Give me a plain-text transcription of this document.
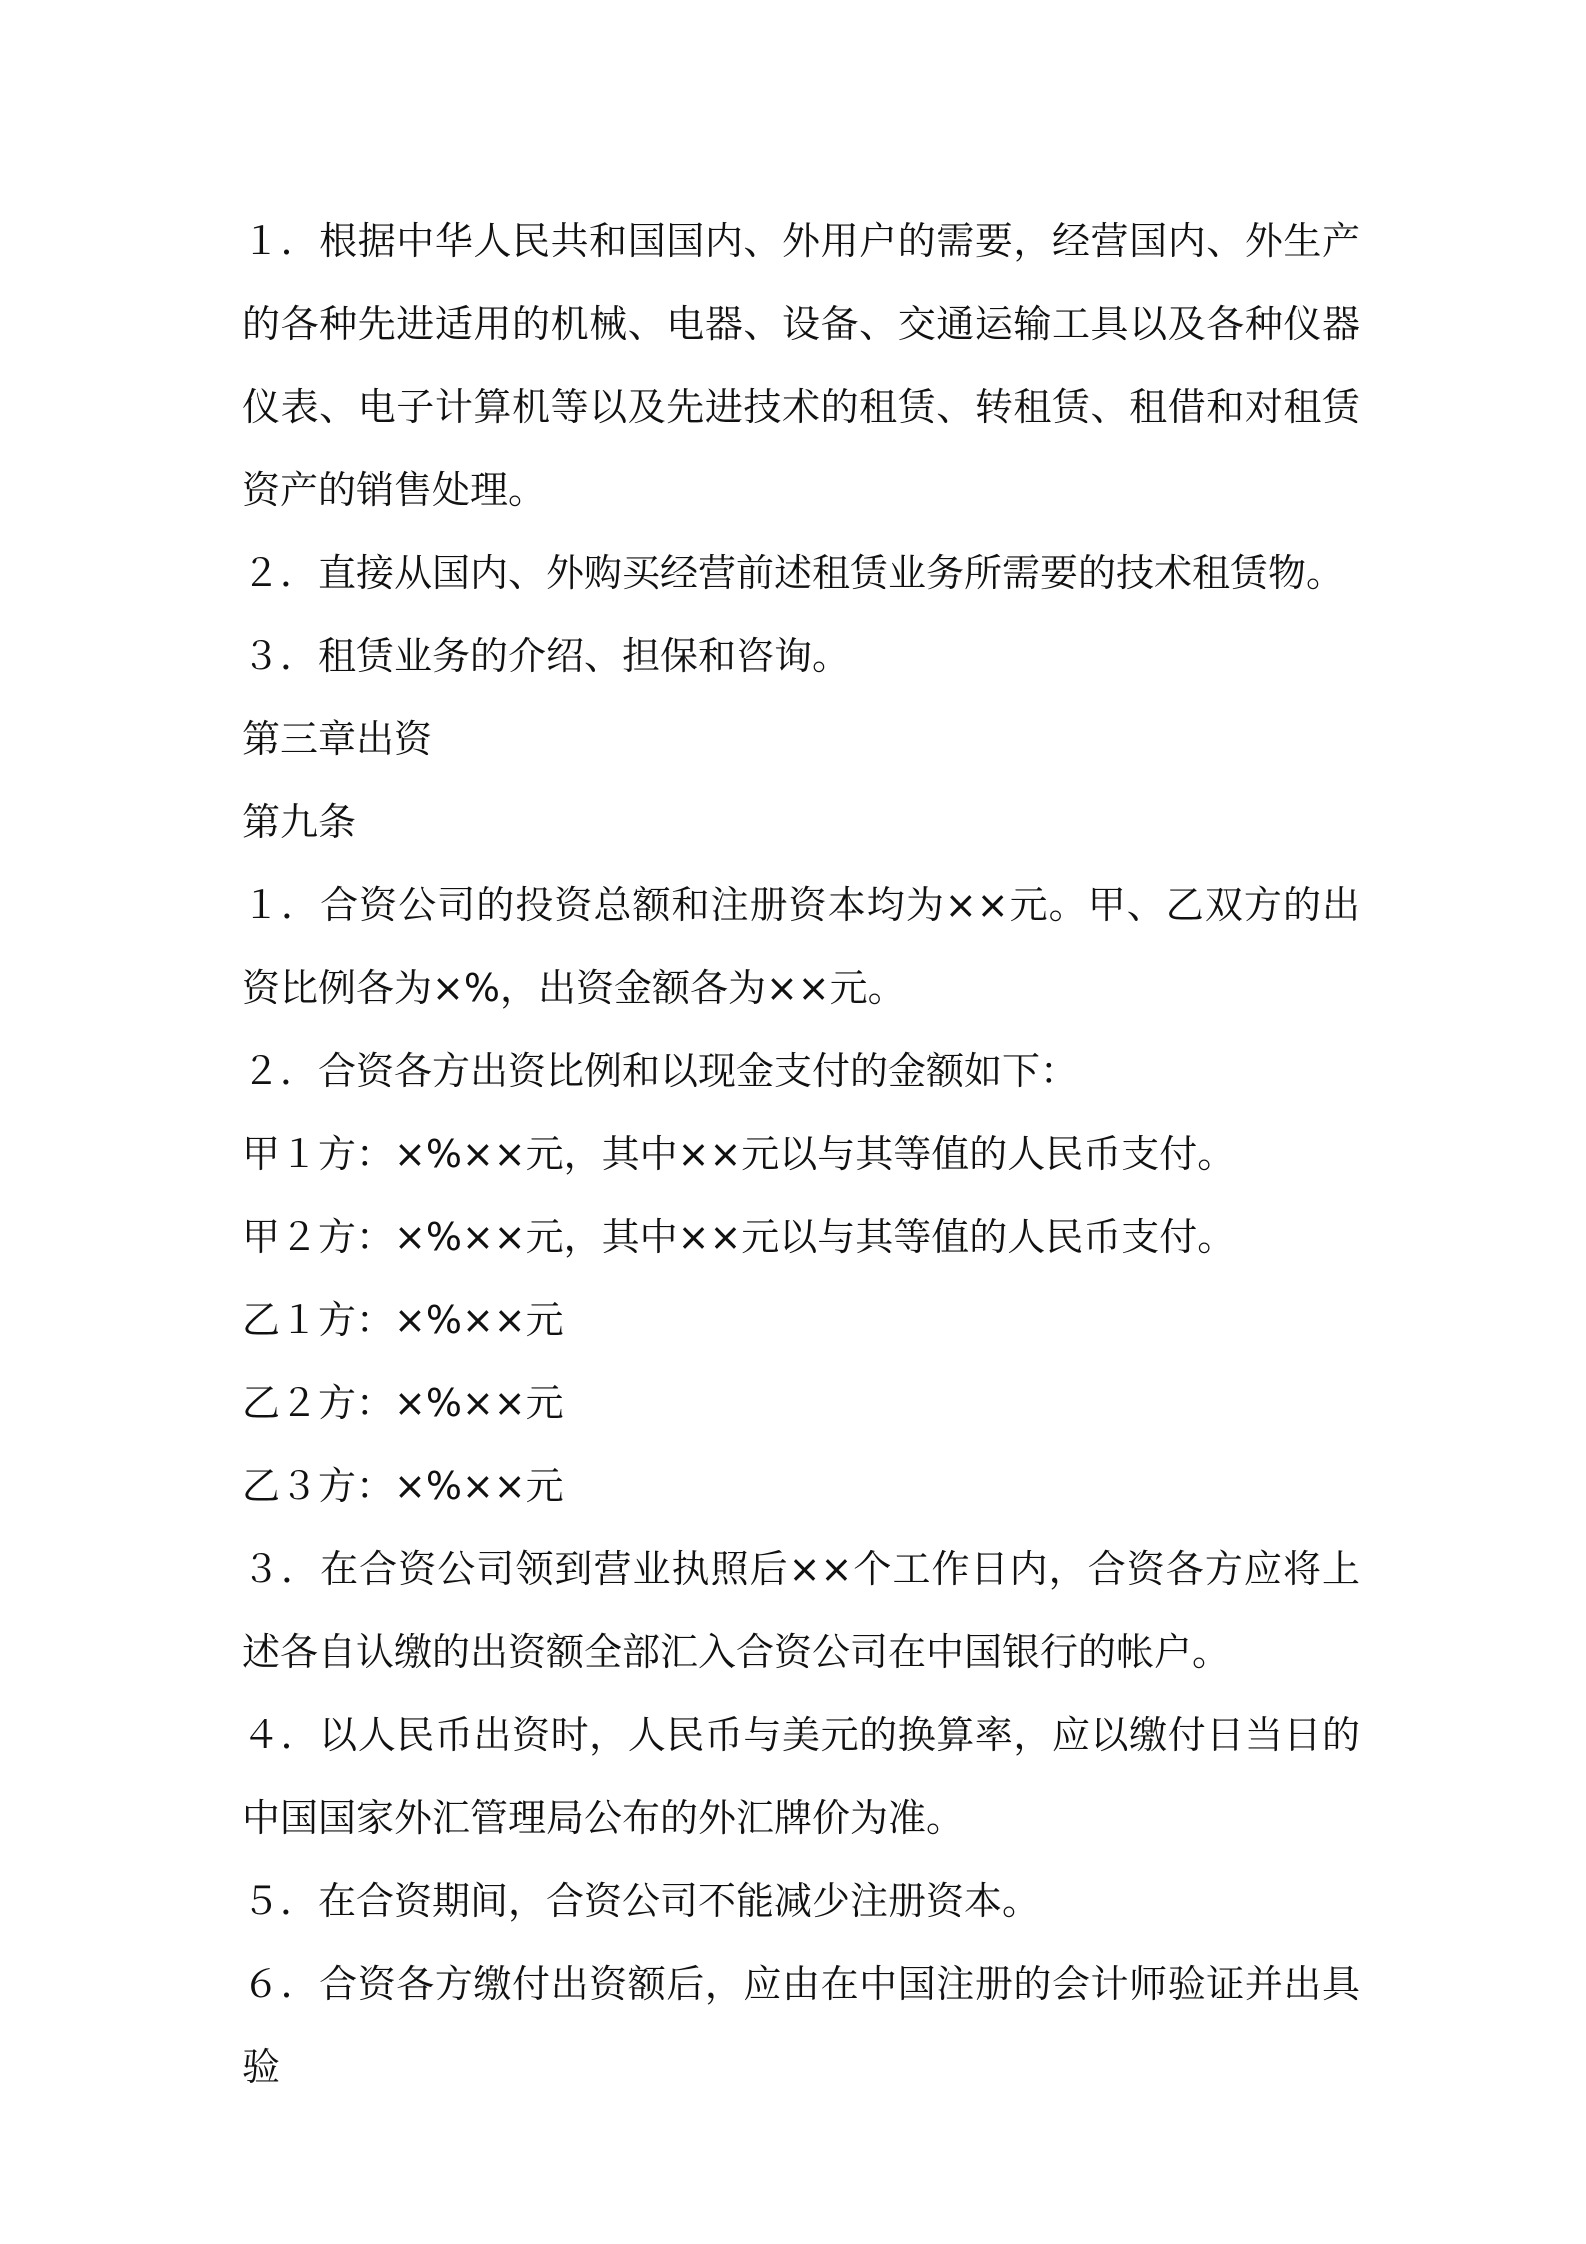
１．根据中华人民共和国国内、外用户的需要，经营国内、外生产的各种先进适用的机械、电器、设备、交通运输工具以及各种仪器仪表、电子计算机等以及先进技术的租赁、转租赁、租借和对租赁资产的销售处理。

２．直接从国内、外购买经营前述租赁业务所需要的技术租赁物。

３．租赁业务的介绍、担保和咨询。

第三章出资

第九条

１．合资公司的投资总额和注册资本均为××元。甲、乙双方的出资比例各为×%，出资金额各为××元。

２．合资各方出资比例和以现金支付的金额如下：

甲１方：×%××元，其中××元以与其等值的人民币支付。

甲２方：×%××元，其中××元以与其等值的人民币支付。

乙１方：×%××元

乙２方：×%××元

乙３方：×%××元

３．在合资公司领到营业执照后××个工作日内，合资各方应将上述各自认缴的出资额全部汇入合资公司在中国银行的帐户。

４．以人民币出资时，人民币与美元的换算率，应以缴付日当日的中国国家外汇管理局公布的外汇牌价为准。

５．在合资期间，合资公司不能减少注册资本。

６．合资各方缴付出资额后，应由在中国注册的会计师验证并出具验
